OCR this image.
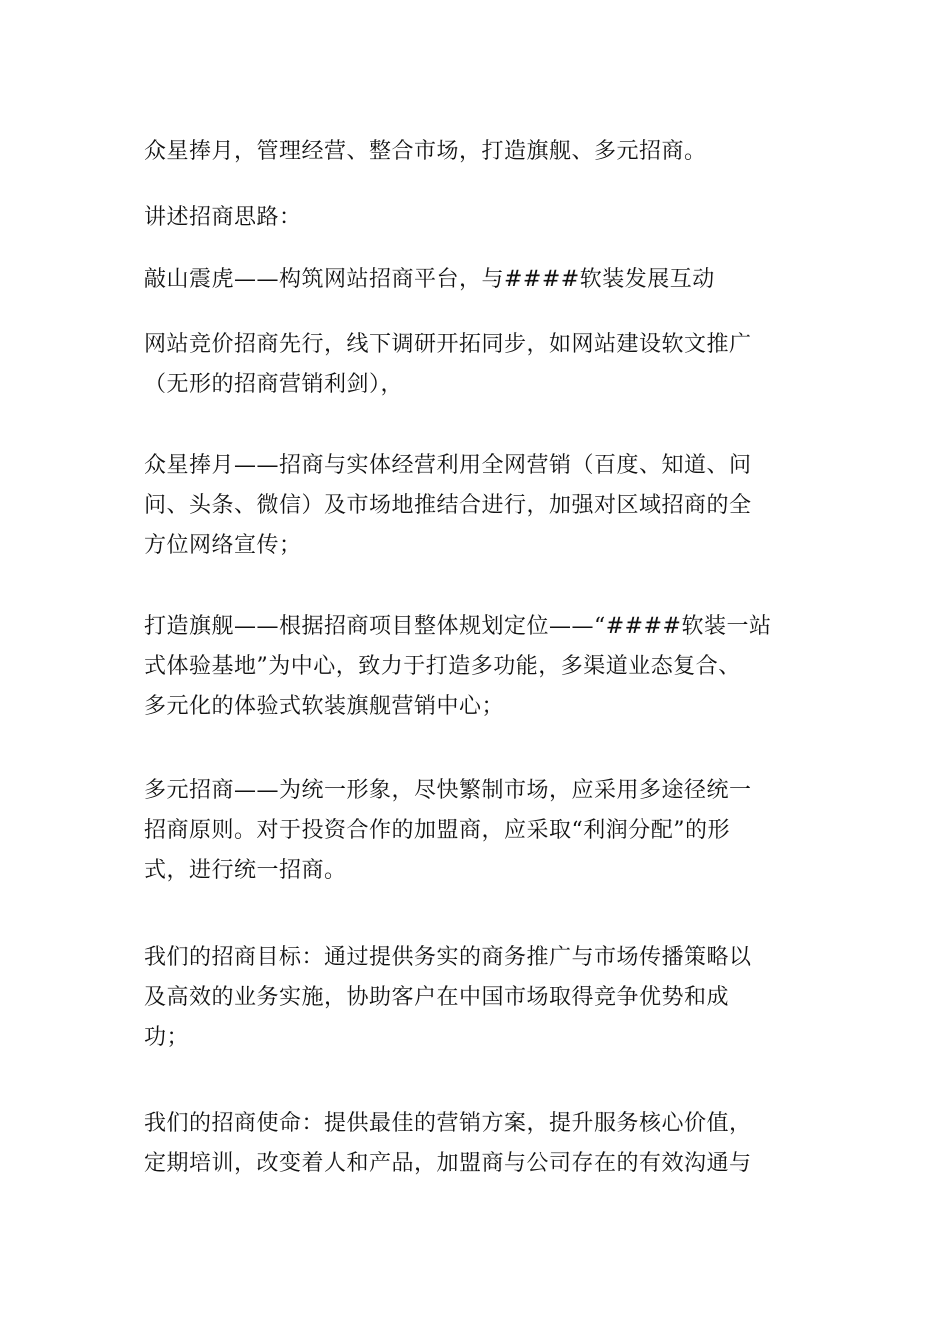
众星捧月，管理经营、整合市场，打造旗舰、多元招商。

讲述招商思路：

敲山震虎——构筑网站招商平台，与####软装发展互动

网站竞价招商先行，线下调研开拓同步，如网站建设软文推广
（无形的招商营销利剑），

众星捧月——招商与实体经营利用全网营销（百度、知道、问
问、头条、微信）及市场地推结合进行，加强对区域招商的全
方位网络宣传；

打造旗舰——根据招商项目整体规划定位——“####软装一站
式体验基地”为中心，致力于打造多功能，多渠道业态复合、
多元化的体验式软装旗舰营销中心；

多元招商——为统一形象，尽快繁制市场，应采用多途径统一
招商原则。对于投资合作的加盟商，应采取“利润分配”的形
式，进行统一招商。

我们的招商目标：通过提供务实的商务推广与市场传播策略以
及高效的业务实施，协助客户在中国市场取得竞争优势和成
功；

我们的招商使命：提供最佳的营销方案，提升服务核心价值，
定期培训，改变着人和产品，加盟商与公司存在的有效沟通与
